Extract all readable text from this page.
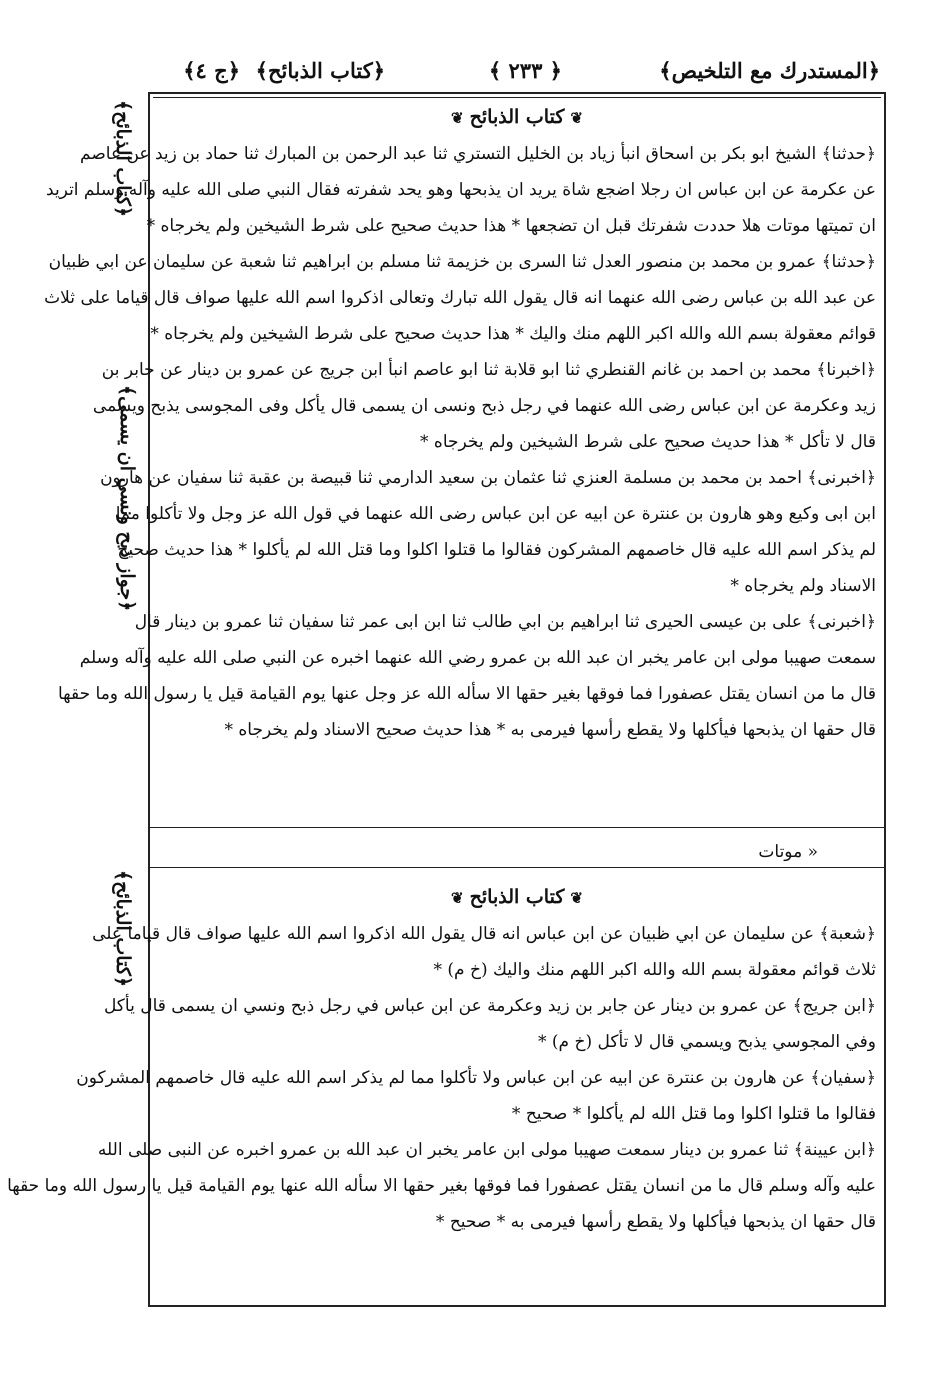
﴿المستدرك مع التلخيص﴾
﴿ ۲۳۳ ﴾
﴿كتاب الذبائح﴾
﴿ج ٤﴾
﴿كتاب الذبائح﴾
﴿جواز ذبح ونسي ان يسمى﴾
﴿كتاب الذبائح﴾
❦كتاب الذبائح❦
﴿حدثنا﴾ الشيخ ابو بكر بن اسحاق انبأ زياد بن الخليل التستري ثنا عبد الرحمن بن المبارك ثنا حماد بن زيد عن عاصم
عن عكرمة عن ابن عباس ان رجلا اضجع شاة يريد ان يذبحها وهو يحد شفرته فقال النبي صلى الله عليه وآله وسلم اتريد
ان تميتها موتات هلا حددت شفرتك قبل ان تضجعها * هذا حديث صحيح على شرط الشيخين ولم يخرجاه *
﴿حدثنا﴾ عمرو بن محمد بن منصور العدل ثنا السرى بن خزيمة ثنا مسلم بن ابراهيم ثنا شعبة عن سليمان عن ابي ظبيان
عن عبد الله بن عباس رضى الله عنهما انه قال يقول الله تبارك وتعالى اذكروا اسم الله عليها صواف قال قياما على ثلاث
قوائم معقولة بسم الله والله اكبر اللهم منك واليك * هذا حديث صحيح على شرط الشيخين ولم يخرجاه *
﴿اخبرنا﴾ محمد بن احمد بن غانم القنطري ثنا ابو قلابة ثنا ابو عاصم انبأ ابن جريج عن عمرو بن دينار عن جابر بن
زيد وعكرمة عن ابن عباس رضى الله عنهما في رجل ذبح ونسى ان يسمى قال يأكل وفى المجوسى يذبح ويسمى
قال لا تأكل * هذا حديث صحيح على شرط الشيخين ولم يخرجاه *
﴿اخبرنى﴾ احمد بن محمد بن مسلمة العنزي ثنا عثمان بن سعيد الدارمي ثنا قبيصة بن عقبة ثنا سفيان عن هارون
ابن ابى وكيع وهو هارون بن عنترة عن ابيه عن ابن عباس رضى الله عنهما في قول الله عز وجل ولا تأكلوا مما
لم يذكر اسم الله عليه قال خاصمهم المشركون فقالوا ما قتلوا اكلوا وما قتل الله لم يأكلوا * هذا حديث صحيح
الاسناد ولم يخرجاه *
﴿اخبرنى﴾ على بن عيسى الحيرى ثنا ابراهيم بن ابي طالب ثنا ابن ابى عمر ثنا سفيان ثنا عمرو بن دينار قال
سمعت صهيبا مولى ابن عامر يخبر ان عبد الله بن عمرو رضي الله عنهما اخبره عن النبي صلى الله عليه وآله وسلم
قال ما من انسان يقتل عصفورا فما فوقها بغير حقها الا سأله الله عز وجل عنها يوم القيامة قيل يا رسول الله وما حقها
قال حقها ان يذبحها فيأكلها ولا يقطع رأسها فيرمى به * هذا حديث صحيح الاسناد ولم يخرجاه *
« موتات
❦كتاب الذبائح❦
﴿شعبة﴾ عن سليمان عن ابي ظبيان عن ابن عباس انه قال يقول الله اذكروا اسم الله عليها صواف قال قياما على
ثلاث قوائم معقولة بسم الله والله اكبر اللهم منك واليك (خ م) *
﴿ابن جريج﴾ عن عمرو بن دينار عن جابر بن زيد وعكرمة عن ابن عباس في رجل ذبح ونسي ان يسمى قال يأكل
وفي المجوسي يذبح ويسمي قال لا تأكل (خ م) *
﴿سفيان﴾ عن هارون بن عنترة عن ابيه عن ابن عباس ولا تأكلوا مما لم يذكر اسم الله عليه قال خاصمهم المشركون
فقالوا ما قتلوا اكلوا وما قتل الله لم يأكلوا * صحيح *
﴿ابن عيينة﴾ ثنا عمرو بن دينار سمعت صهيبا مولى ابن عامر يخبر ان عبد الله بن عمرو اخبره عن النبى صلى الله
عليه وآله وسلم قال ما من انسان يقتل عصفورا فما فوقها بغير حقها الا سأله الله عنها يوم القيامة قيل يا رسول الله وما حقها
قال حقها ان يذبحها فيأكلها ولا يقطع رأسها فيرمى به * صحيح *
